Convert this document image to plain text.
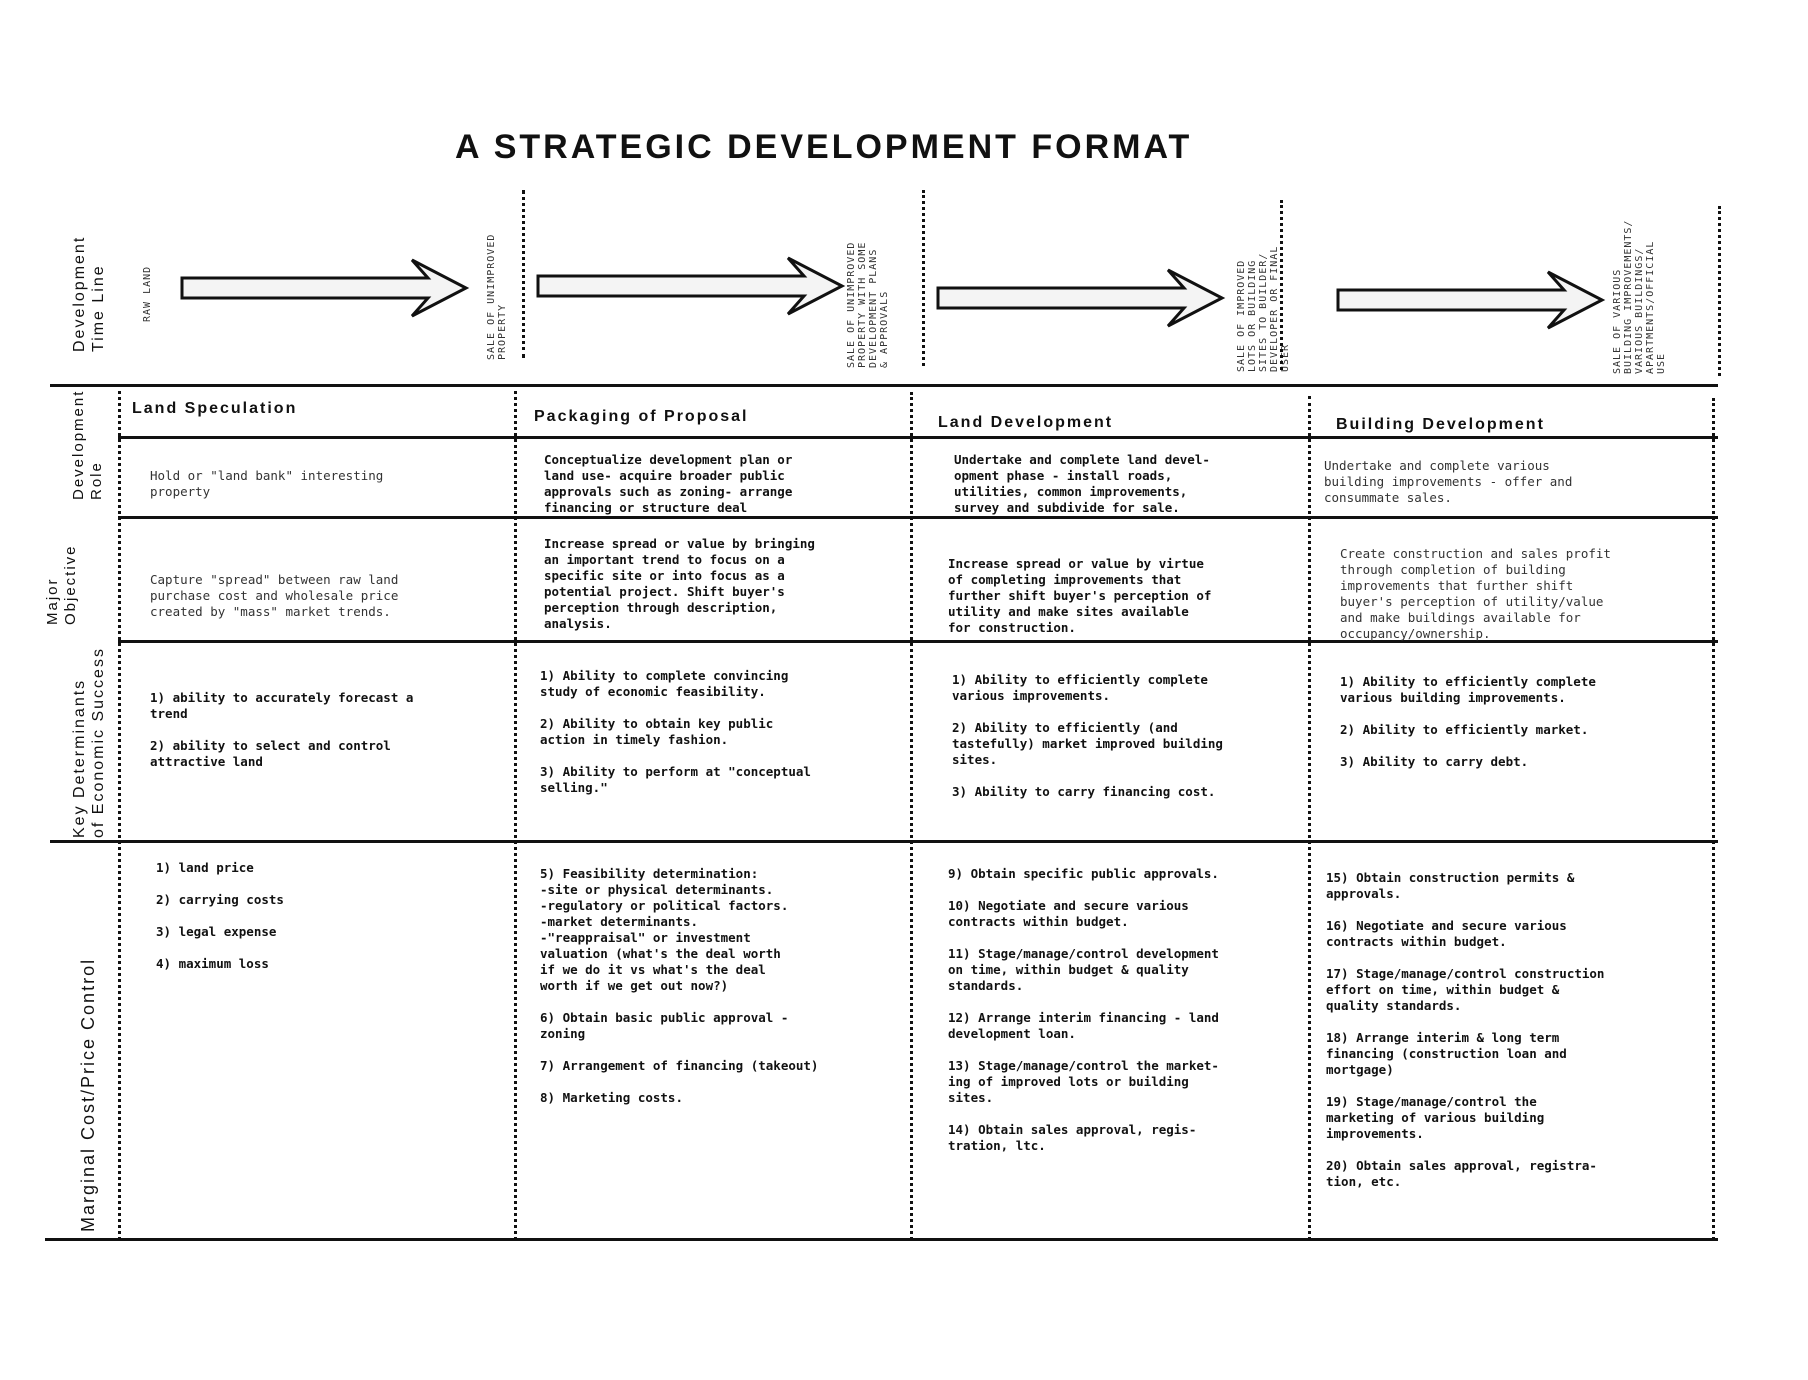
A STRATEGIC DEVELOPMENT FORMAT
Development
Time Line
Development
Role
Major
Objective
Key Determinants
of Economic Success
Marginal Cost/Price Control
RAW LAND
SALE OF UNIMPROVED
PROPERTY	SALE OF UNIMPROVED
PROPERTY WITH SOME
DEVELOPMENT PLANS
& APPROVALS
SALE OF IMPROVED
LOTS OR BUILDING
SITES TO BUILDER/
DEVELOPER OR FINAL
USER	SALE OF VARIOUS
BUILDING IMPROVEMENTS/
VARIOUS BUILDINGS/
APARTMENTS/OFFICIAL
USE
Land Speculation
Hold or "land bank" interesting
property
Capture "spread" between raw land
purchase cost and wholesale price
created by "mass" market trends.
1) ability to accurately forecast a
trend
2) ability to select and control
attractive land
1) land price
2) carrying costs
3) legal expense
4) maximum loss
Packaging of Proposal
Conceptualize development plan or
land use- acquire broader public
approvals such as zoning- arrange
financing or structure deal
Increase spread or value by bringing
an important trend to focus on a
specific site or into focus as a
potential project. Shift buyer's
perception through description,
analysis.
1) Ability to complete convincing
study of economic feasibility.
2) Ability to obtain key public
action in timely fashion.
3) Ability to perform at "conceptual
selling."
5) Feasibility determination:
-site or physical determinants.
-regulatory or political factors.
-market determinants.
-"reappraisal" or investment
valuation (what's the deal worth
if we do it vs what's the deal
worth if we get out now?)
6) Obtain basic public approval -
zoning
7) Arrangement of financing (takeout)
8) Marketing costs.
Land Development
Undertake and complete land devel-
opment phase - install roads,
utilities, common improvements,
survey and subdivide for sale.
Increase spread or value by virtue
of completing improvements that
further shift buyer's perception of
utility and make sites available
for construction.
1) Ability to efficiently complete
various improvements.
2) Ability to efficiently (and
tastefully) market improved building
sites.
3) Ability to carry financing cost.
9) Obtain specific public approvals.
10) Negotiate and secure various
contracts within budget.
11) Stage/manage/control development
on time, within budget & quality
standards.
12) Arrange interim financing - land
development loan.
13) Stage/manage/control the market-
ing of improved lots or building
sites.
14) Obtain sales approval, regis-
tration, ltc.
Building Development
Undertake and complete various
building improvements - offer and
consummate sales.
Create construction and sales profit
through completion of building
improvements that further shift
buyer's perception of utility/value
and make buildings available for
occupancy/ownership.
1) Ability to efficiently complete
various building improvements.
2) Ability to efficiently market.
3) Ability to carry debt.
15) Obtain construction permits &
approvals.
16) Negotiate and secure various
contracts within budget.
17) Stage/manage/control construction
effort on time, within budget &
quality standards.
18) Arrange interim & long term
financing (construction loan and
mortgage)
19) Stage/manage/control the
marketing of various building
improvements.
20) Obtain sales approval, registra-
tion, etc.
